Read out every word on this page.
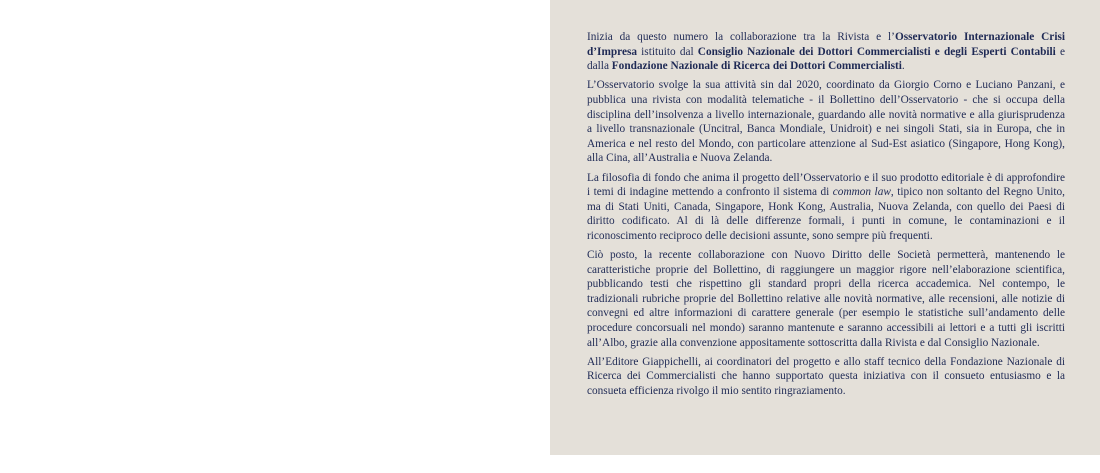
Inizia da questo numero la collaborazione tra la Rivista e l’Osservatorio Internazionale Crisi d’Impresa istituito dal Consiglio Nazionale dei Dottori Commercialisti e degli Esperti Contabili e dalla Fondazione Nazionale di Ricerca dei Dottori Commercialisti.

L’Osservatorio svolge la sua attività sin dal 2020, coordinato da Giorgio Corno e Luciano Panzani, e pubblica una rivista con modalità telematiche - il Bollettino dell’Osservatorio - che si occupa della disciplina dell’insolvenza a livello internazionale, guardando alle novità normative e alla giurisprudenza a livello transnazionale (Uncitral, Banca Mondiale, Unidroit) e nei singoli Stati, sia in Europa, che in America e nel resto del Mondo, con particolare attenzione al Sud-Est asiatico (Singapore, Hong Kong), alla Cina, all’Australia e Nuova Zelanda.

La filosofia di fondo che anima il progetto dell’Osservatorio e il suo prodotto editoriale è di approfondire i temi di indagine mettendo a confronto il sistema di common law, tipico non soltanto del Regno Unito, ma di Stati Uniti, Canada, Singapore, Honk Kong, Australia, Nuova Zelanda, con quello dei Paesi di diritto codificato. Al di là delle differenze formali, i punti in comune, le contaminazioni e il riconoscimento reciproco delle decisioni assunte, sono sempre più frequenti.

Ciò posto, la recente collaborazione con Nuovo Diritto delle Società permetterà, mantenendo le caratteristiche proprie del Bollettino, di raggiungere un maggior rigore nell’elaborazione scientifica, pubblicando testi che rispettino gli standard propri della ricerca accademica. Nel contempo, le tradizionali rubriche proprie del Bollettino relative alle novità normative, alle recensioni, alle notizie di convegni ed altre informazioni di carattere generale (per esempio le statistiche sull’andamento delle procedure concorsuali nel mondo) saranno mantenute e saranno accessibili ai lettori e a tutti gli iscritti all’Albo, grazie alla convenzione appositamente sottoscritta dalla Rivista e dal Consiglio Nazionale.

All’Editore Giappichelli, ai coordinatori del progetto e allo staff tecnico della Fondazione Nazionale di Ricerca dei Commercialisti che hanno supportato questa iniziativa con il consueto entusiasmo e la consueta efficienza rivolgo il mio sentito ringraziamento.
